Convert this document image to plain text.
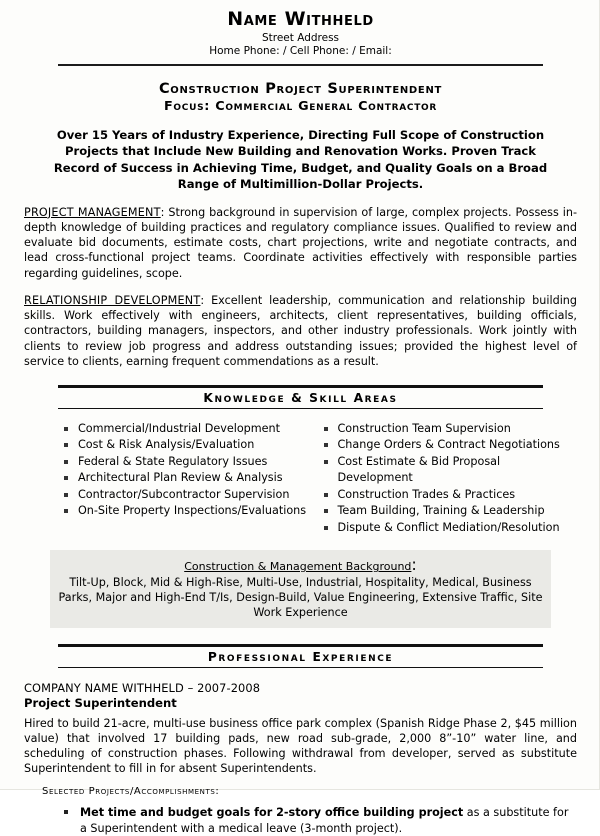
Name Withheld
Street Address
Home Phone: / Cell Phone: / Email:
Construction Project Superintendent
Focus: Commercial General Contractor
Over 15 Years of Industry Experience, Directing Full Scope of Construction Projects that Include New Building and Renovation Works. Proven Track Record of Success in Achieving Time, Budget, and Quality Goals on a Broad Range of Multimillion-Dollar Projects.
PROJECT MANAGEMENT: Strong background in supervision of large, complex projects. Possess in-depth knowledge of building practices and regulatory compliance issues. Qualified to review and evaluate bid documents, estimate costs, chart projections, write and negotiate contracts, and lead cross-functional project teams. Coordinate activities effectively with responsible parties regarding guidelines, scope.
RELATIONSHIP DEVELOPMENT: Excellent leadership, communication and relationship building skills. Work effectively with engineers, architects, client representatives, building officials, contractors, building managers, inspectors, and other industry professionals. Work jointly with clients to review job progress and address outstanding issues; provided the highest level of service to clients, earning frequent commendations as a result.
Knowledge & Skill Areas
Commercial/Industrial Development
Cost & Risk Analysis/Evaluation
Federal & State Regulatory Issues
Architectural Plan Review & Analysis
Contractor/Subcontractor Supervision
On-Site Property Inspections/Evaluations
Construction Team Supervision
Change Orders & Contract Negotiations
Cost Estimate & Bid Proposal Development
Construction Trades & Practices
Team Building, Training & Leadership
Dispute & Conflict Mediation/Resolution
Construction & Management Background:
Tilt-Up, Block, Mid & High-Rise, Multi-Use, Industrial, Hospitality, Medical, Business Parks, Major and High-End T/Is, Design-Build, Value Engineering, Extensive Traffic, Site Work Experience
Professional Experience
COMPANY NAME WITHHELD – 2007-2008
Project Superintendent
Hired to build 21-acre, multi-use business office park complex (Spanish Ridge Phase 2, $45 million value) that involved 17 building pads, new road sub-grade, 2,000 8”-10” water line, and scheduling of construction phases. Following withdrawal from developer, served as substitute Superintendent to fill in for absent Superintendents.
Selected Projects/Accomplishments:
Met time and budget goals for 2-story office building project as a substitute for a Superintendent with a medical leave (3-month project).
